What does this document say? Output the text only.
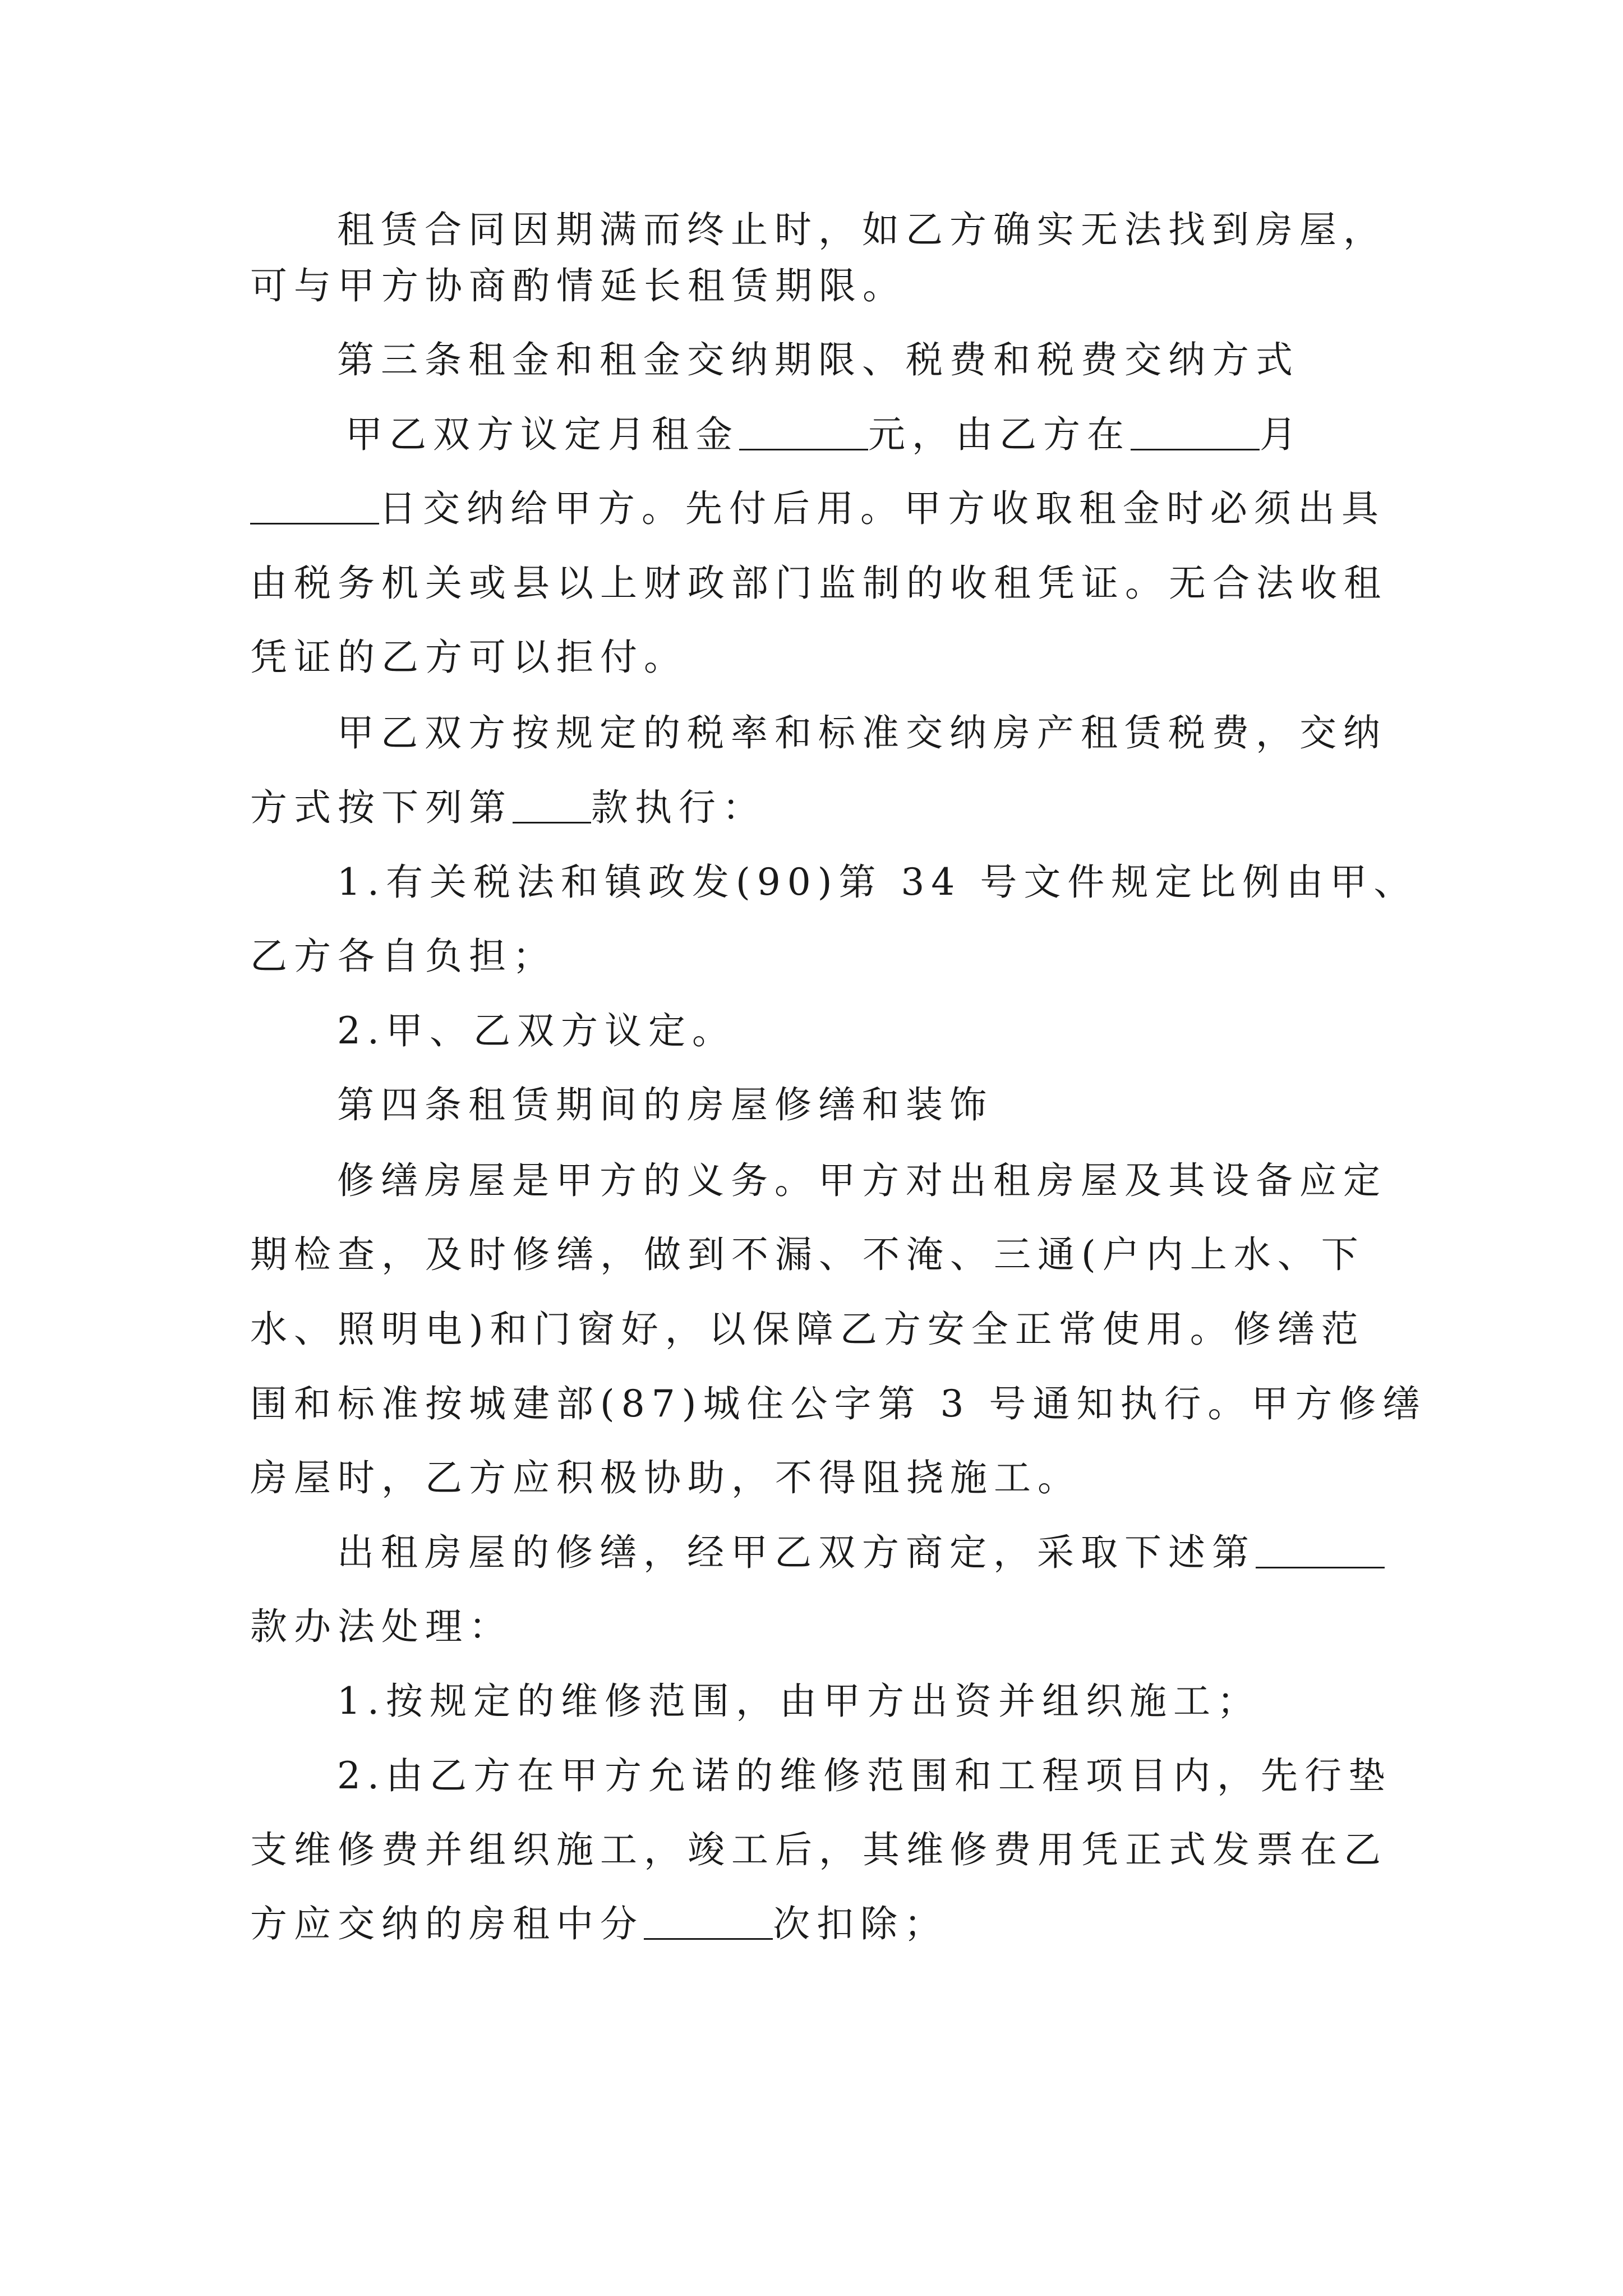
租赁合同因期满而终止时，如乙方确实无法找到房屋，
可与甲方协商酌情延长租赁期限。
第三条租金和租金交纳期限、税费和税费交纳方式
甲乙双方议定月租金	元，由乙方在	月
日交纳给甲方。先付后用。甲方收取租金时必须出具
由税务机关或县以上财政部门监制的收租凭证。无合法收租
凭证的乙方可以拒付。
甲乙双方按规定的税率和标准交纳房产租赁税费，交纳
方式按下列第 款执行：
1.有关税法和镇政发(90)第 34 号文件规定比例由甲、
乙方各自负担；
2.甲、乙双方议定。
第四条租赁期间的房屋修缮和装饰
修缮房屋是甲方的义务。甲方对出租房屋及其设备应定
期检查，及时修缮，做到不漏、不淹、三通(户内上水、下
水、照明电)和门窗好，以保障乙方安全正常使用。修缮范
围和标准按城建部(87)城住公字第 3 号通知执行。甲方修缮
房屋时，乙方应积极协助，不得阻挠施工。
出租房屋的修缮，经甲乙双方商定，采取下述第
款办法处理：
1.按规定的维修范围，由甲方出资并组织施工；
2.由乙方在甲方允诺的维修范围和工程项目内，先行垫
支维修费并组织施工，竣工后，其维修费用凭正式发票在乙
方应交纳的房租中分	次扣除；
